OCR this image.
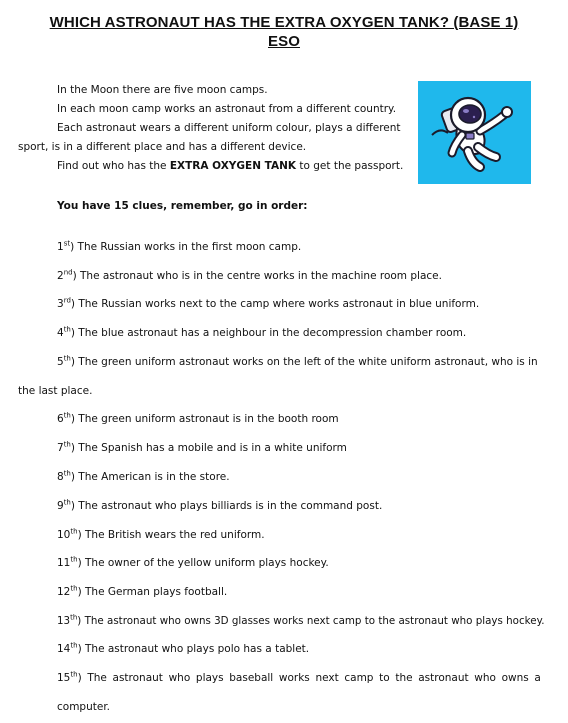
WHICH ASTRONAUT HAS THE EXTRA OXYGEN TANK? (BASE 1)
ESO
In the Moon there are five moon camps.
In each moon camp works an astronaut from a different country.
Each astronaut wears a different uniform colour, plays a different
sport, is in a different place and has a different device.
Find out who has the EXTRA OXYGEN TANK to get the passport.
You have 15 clues, remember, go in order:
1st) The Russian works in the first moon camp.
2nd) The astronaut who is in the centre works in the machine room place.
3rd) The Russian works next to the camp where works astronaut in blue uniform.
4th) The blue astronaut has a neighbour in the decompression chamber room.
5th) The green uniform astronaut works on the left of the white uniform astronaut, who is in
the last place.
6th) The green uniform astronaut is in the booth room
7th) The Spanish has a mobile and is in a white uniform
8th) The American is in the store.
9th) The astronaut who plays billiards is in the command post.
10th) The British wears the red uniform.
11th) The owner of the yellow uniform plays hockey.
12th) The German plays football.
13th) The astronaut who owns 3D glasses works next camp to the astronaut who plays hockey.
14th) The astronaut who plays polo has a tablet.
15th) The astronaut who plays baseball works next camp to the astronaut who owns a
computer.
